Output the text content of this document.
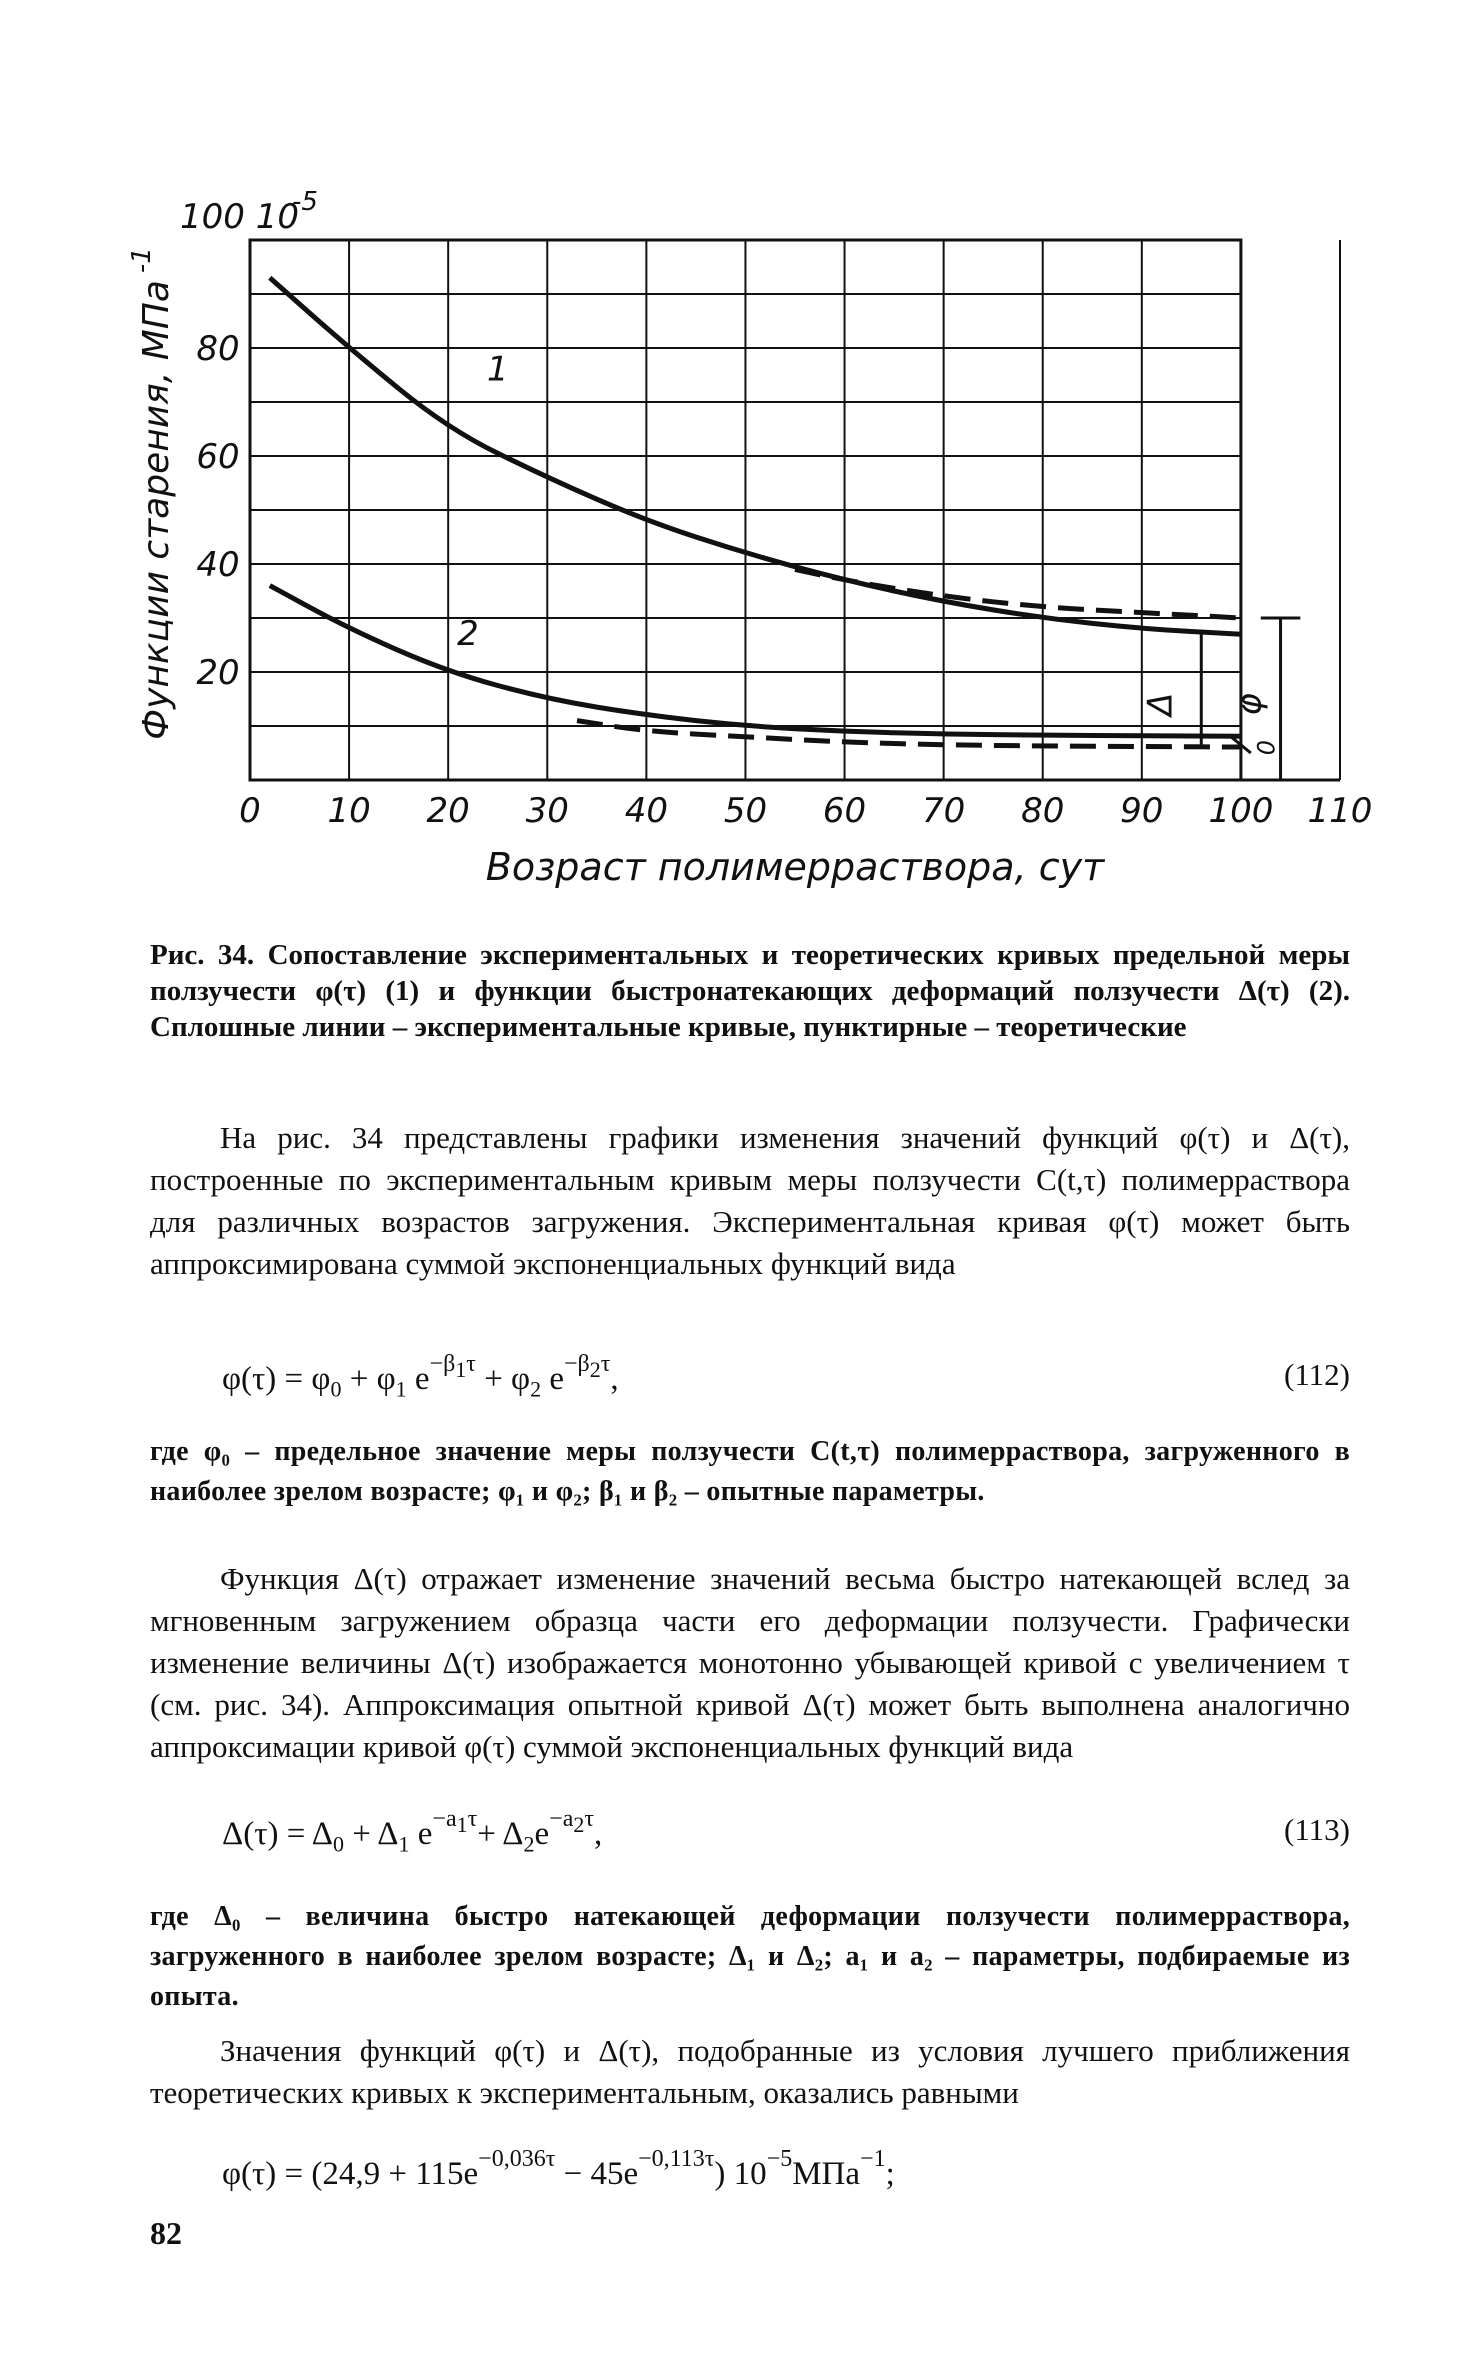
100 10
-5
80
60
40
20
0 10 20 30 40 50 60 70 80 90 100 110
Возраст полимерраствора, сут
Функции старения, МПа
-1
1
2
Δ φ
0
Рис. 34. Сопоставление экспериментальных и теоретических кривых предельной меры ползучести φ(τ) (1) и функции быстронатекающих деформаций ползучести Δ(τ) (2). Сплошные линии – экспериментальные кривые, пунктирные – теоретические

На рис. 34 представлены графики изменения значений функций φ(τ) и Δ(τ), построенные по экспериментальным кривым меры ползучести C(t,τ) полимерраствора для различных возрастов загружения. Экспериментальная кривая φ(τ) может быть аппроксимирована суммой экспоненциальных функций вида

$\varphi(\tau) = \varphi_0 + \varphi_1$ $e^{-\beta_1\tau} + \varphi_2$ $e^{-\beta_2\tau}$,	(112)
где φ₀ – предельное значение меры ползучести C(t,τ) полимерраствора, загруженного в наиболее зрелом возрасте; φ₁ и φ₂; β₁ и β₂ – опытные параметры.

Функция Δ(τ) отражает изменение значений весьма быстро натекающей вслед за мгновенным загружением образца части его деформации ползучести. Графически изменение величины Δ(τ) изображается монотонно убывающей кривой с увеличением τ (см. рис. 34). Аппроксимация опытной кривой Δ(τ) может быть выполнена аналогично аппроксимации кривой φ(τ) суммой экспоненциальных функций вида

$\Delta(\tau) = \Delta_0 + \Delta_1$ $e^{-a_1\tau}+ \Delta_2e^{-a_2\tau}$,	(113)
где Δ₀ – величина быстро натекающей деформации ползучести полимерраствора, загруженного в наиболее зрелом возрасте; Δ₁ и Δ₂; a₁ и a₂ – параметры, подбираемые из опыта.

Значения функций φ(τ) и Δ(τ), подобранные из условия лучшего приближения теоретических кривых к экспериментальным, оказались равными

$\varphi(\tau) = (24,9 + 115e^{-0,036\tau} - 45e^{-0,113\tau})$ $10^{-5}МПа^{-1}$;
82
